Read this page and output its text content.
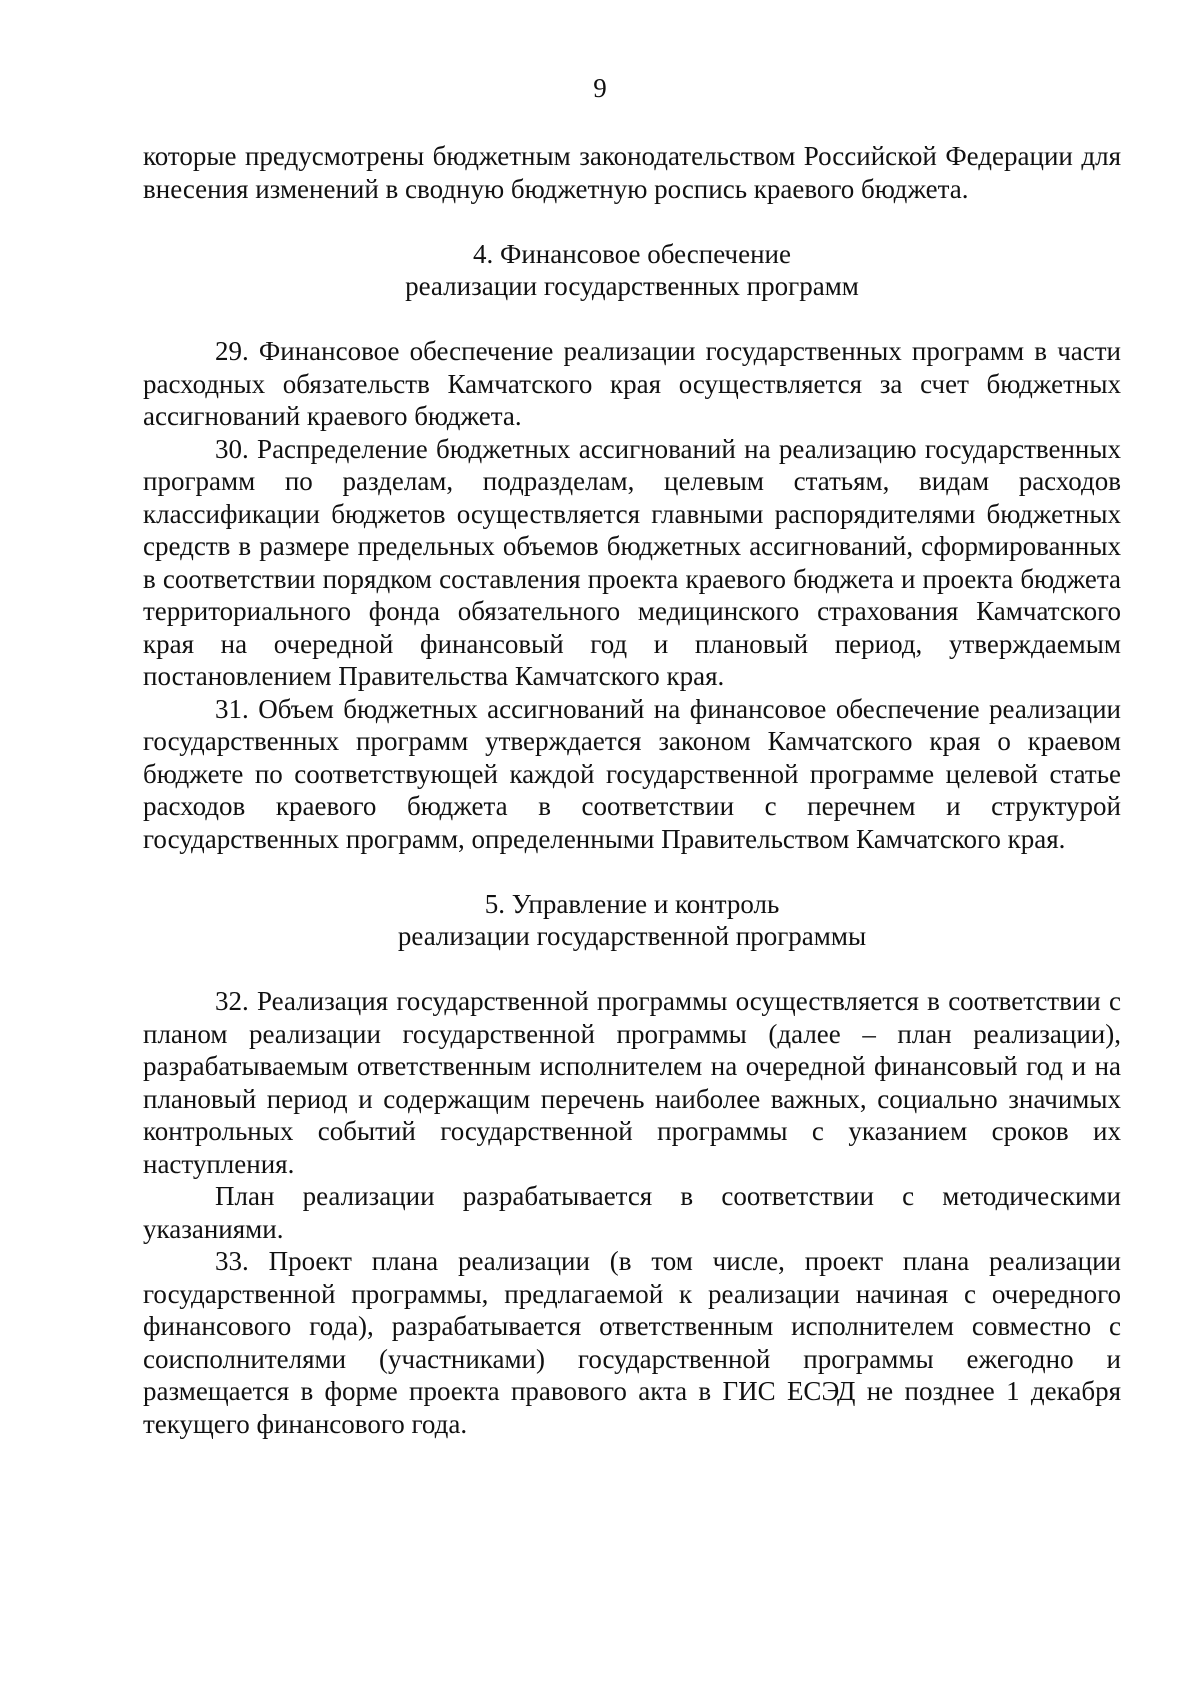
9

которые предусмотрены бюджетным законодательством Российской Федерации для внесения изменений в сводную бюджетную роспись краевого бюджета.

4. Финансовое обеспечение

реализации государственных программ

29. Финансовое обеспечение реализации государственных программ в части расходных обязательств Камчатского края осуществляется за счет бюджетных ассигнований краевого бюджета.

30. Распределение бюджетных ассигнований на реализацию государственных программ по разделам, подразделам, целевым статьям, видам расходов классификации бюджетов осуществляется главными распорядителями бюджетных средств в размере предельных объемов бюджетных ассигнований, сформированных в соответствии порядком составления проекта краевого бюджета и проекта бюджета территориального фонда обязательного медицинского страхования Камчатского края на очередной финансовый год и плановый период, утверждаемым постановлением Правительства Камчатского края.

31. Объем бюджетных ассигнований на финансовое обеспечение реализации государственных программ утверждается законом Камчатского края о краевом бюджете по соответствующей каждой государственной программе целевой статье расходов краевого бюджета в соответствии с перечнем и структурой государственных программ, определенными Правительством Камчатского края.

5. Управление и контроль

реализации государственной программы

32. Реализация государственной программы осуществляется в соответствии с планом реализации государственной программы (далее – план реализации), разрабатываемым ответственным исполнителем на очередной финансовый год и на плановый период и содержащим перечень наиболее важных, социально значимых контрольных событий государственной программы с указанием сроков их наступления.

План реализации разрабатывается в соответствии с методическими указаниями.

33. Проект плана реализации (в том числе, проект плана реализации государственной программы, предлагаемой к реализации начиная с очередного финансового года), разрабатывается ответственным исполнителем совместно с соисполнителями (участниками) государственной программы ежегодно и размещается в форме проекта правового акта в ГИС ЕСЭД не позднее 1 декабря текущего финансового года.
